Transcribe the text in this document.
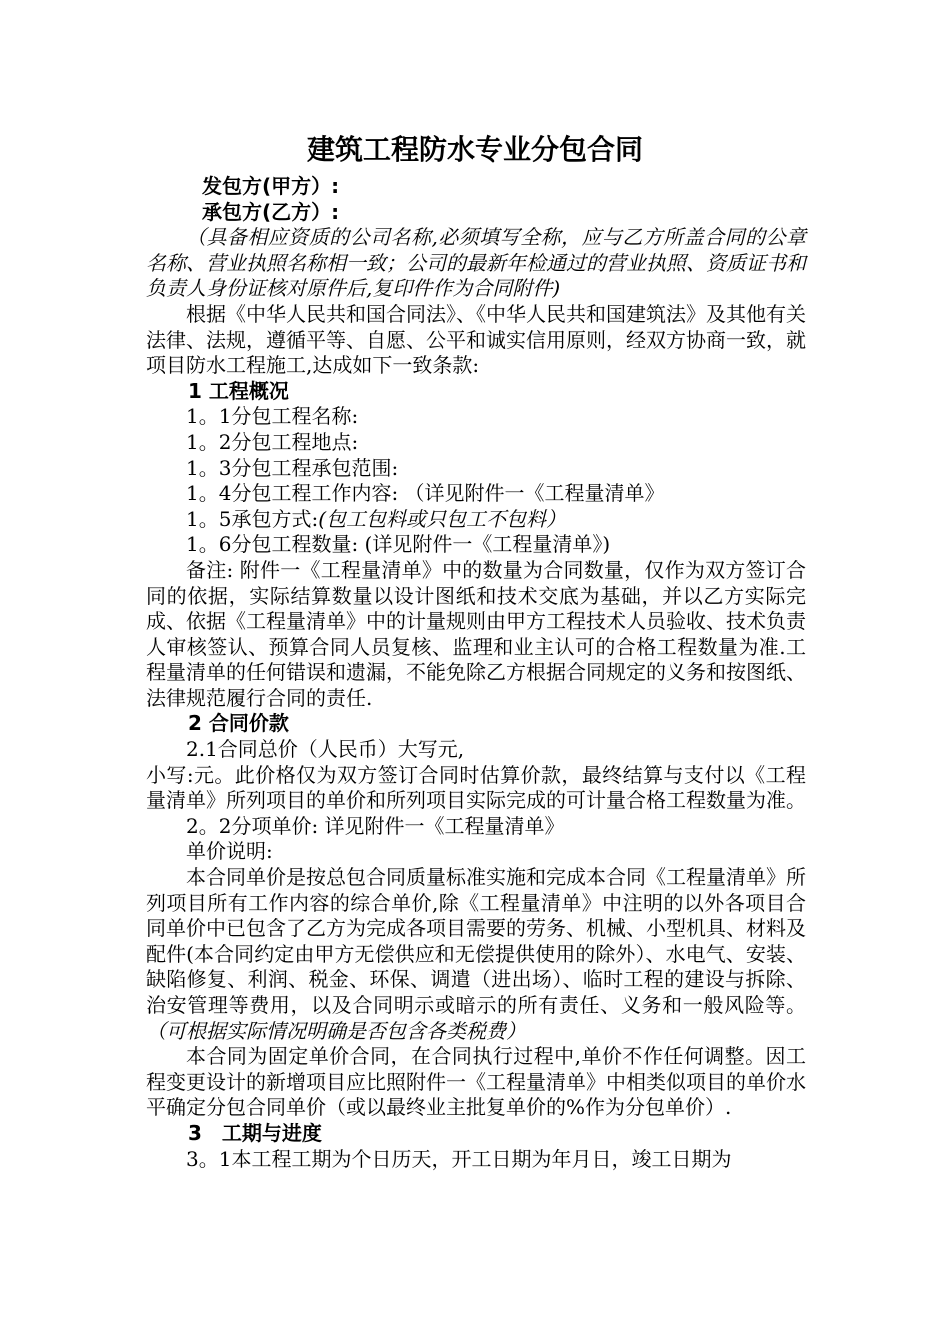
建筑工程防水专业分包合同

发包方(甲方）:

承包方(乙方）:

（具备相应资质的公司名称,必须填写全称，应与乙方所盖合同的公章名称、营业执照名称相一致；公司的最新年检通过的营业执照、资质证书和负责人身份证核对原件后,复印件作为合同附件)

根据《中华人民共和国合同法》、《中华人民共和国建筑法》及其他有关法律、法规，遵循平等、自愿、公平和诚实信用原则，经双方协商一致，就项目防水工程施工,达成如下一致条款:

1 工程概况

1。1分包工程名称:

1。2分包工程地点:

1。3分包工程承包范围:

1。4分包工程工作内容: （详见附件一《工程量清单》

1。5承包方式:(包工包料或只包工不包料）

1。6分包工程数量: (详见附件一《工程量清单》)

备注: 附件一《工程量清单》中的数量为合同数量，仅作为双方签订合同的依据，实际结算数量以设计图纸和技术交底为基础，并以乙方实际完成、依据《工程量清单》中的计量规则由甲方工程技术人员验收、技术负责人审核签认、预算合同人员复核、监理和业主认可的合格工程数量为准.工程量清单的任何错误和遗漏，不能免除乙方根据合同规定的义务和按图纸、法律规范履行合同的责任.

2 合同价款

2.1合同总价（人民币）大写元,

小写:元。此价格仅为双方签订合同时估算价款，最终结算与支付以《工程量清单》所列项目的单价和所列项目实际完成的可计量合格工程数量为准。

2。2分项单价: 详见附件一《工程量清单》

单价说明:

本合同单价是按总包合同质量标准实施和完成本合同《工程量清单》所列项目所有工作内容的综合单价,除《工程量清单》中注明的以外各项目合同单价中已包含了乙方为完成各项目需要的劳务、机械、小型机具、材料及配件(本合同约定由甲方无偿供应和无偿提供使用的除外）、水电气、安装、缺陷修复、利润、税金、环保、调遣（进出场）、临时工程的建设与拆除、治安管理等费用，以及合同明示或暗示的所有责任、义务和一般风险等。（可根据实际情况明确是否包含各类税费）

本合同为固定单价合同，在合同执行过程中,单价不作任何调整。因工程变更设计的新增项目应比照附件一《工程量清单》中相类似项目的单价水平确定分包合同单价（或以最终业主批复单价的%作为分包单价）.

3　工期与进度

3。1本工程工期为个日历天，开工日期为年月日，竣工日期为
